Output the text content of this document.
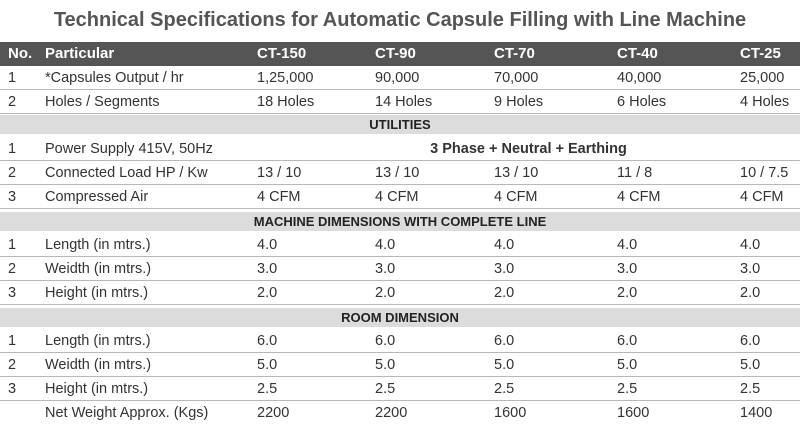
Technical Specifications for Automatic Capsule Filling with Line Machine
No. Particular	CT-150	CT-90	CT-70	CT-40	CT-25
1 *Capsules Output / hr	1,25,000	90,000	70,000	40,000	25,000
2 Holes / Segments	18 Holes	14 Holes	9 Holes	6 Holes	4 Holes
UTILITIES
1 Power Supply 415V, 50Hz	3 Phase + Neutral + Earthing
2 Connected Load HP / Kw	13 / 10	13 / 10	13 / 10	11 / 8	10 / 7.5
3 Compressed Air	4 CFM	4 CFM	4 CFM	4 CFM	4 CFM
MACHINE DIMENSIONS WITH COMPLETE LINE
1 Length (in mtrs.)	4.0	4.0	4.0	4.0	4.0
2 Weidth (in mtrs.)	3.0	3.0	3.0	3.0	3.0
3 Height (in mtrs.)	2.0	2.0	2.0	2.0	2.0
ROOM DIMENSION
1 Length (in mtrs.)	6.0	6.0	6.0	6.0	6.0
2 Weidth (in mtrs.)	5.0	5.0	5.0	5.0	5.0
3 Height (in mtrs.)	2.5	2.5	2.5	2.5	2.5
Net Weight Approx. (Kgs)	2200	2200	1600	1600	1400
